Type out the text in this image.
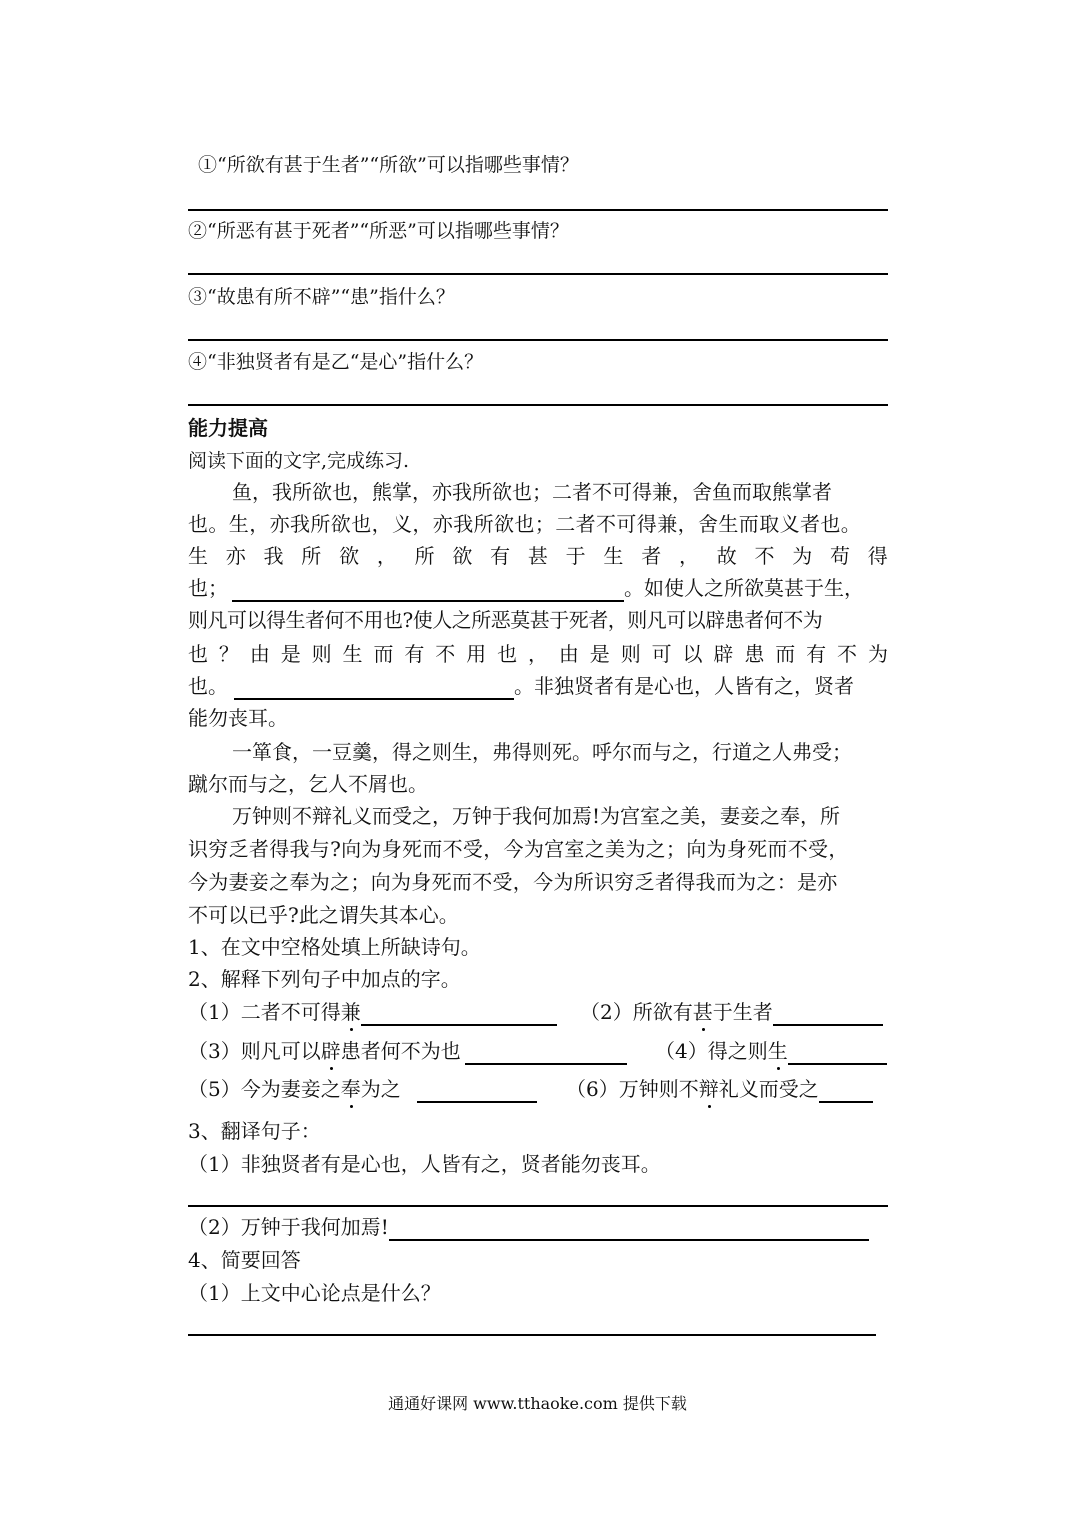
①“所欲有甚于生者”“所欲”可以指哪些事情？
②“所恶有甚于死者”“所恶”可以指哪些事情？
③“故患有所不辟”“患”指什么？
④“非独贤者有是乙“是心”指什么？
能力提高
阅读下面的文字,完成练习.
鱼，我所欲也，熊掌，亦我所欲也；二者不可得兼，舍鱼而取熊掌者
也。生，亦我所欲也，义，亦我所欲也；二者不可得兼，舍生而取义者也。
生 亦 我 所 欲 ， 所 欲 有 甚 于 生 者 ， 故 不 为 苟 得
也；	。如使人之所欲莫甚于生，
则凡可以得生者何不用也?使人之所恶莫甚于死者，则凡可以辟患者何不为
也 ？ 由 是 则 生 而 有 不 用 也 ， 由 是 则 可 以 辟 患 而 有 不 为
也。	。非独贤者有是心也，人皆有之，贤者
能勿丧耳。
一箪食，一豆羹，得之则生，弗得则死。呼尔而与之，行道之人弗受；
蹴尔而与之，乞人不屑也。
万钟则不辩礼义而受之，万钟于我何加焉!为宫室之美，妻妾之奉，所
识穷乏者得我与?向为身死而不受，今为宫室之美为之；向为身死而不受，
今为妻妾之奉为之；向为身死而不受，今为所识穷乏者得我而为之：是亦
不可以已乎?此之谓失其本心。
1、在文中空格处填上所缺诗句。
2、解释下列句子中加点的字。
（1）二者不可得兼	（2）所欲有甚于生者
（3）则凡可以辟患者何不为也	（4）得之则生
（5）今为妻妾之奉为之	（6）万钟则不辩礼义而受之
3、翻译句子：
（1）非独贤者有是心也，人皆有之，贤者能勿丧耳。
（2）万钟于我何加焉!
4、简要回答
（1）上文中心论点是什么？
通通好课网 www.tthaoke.com 提供下载
